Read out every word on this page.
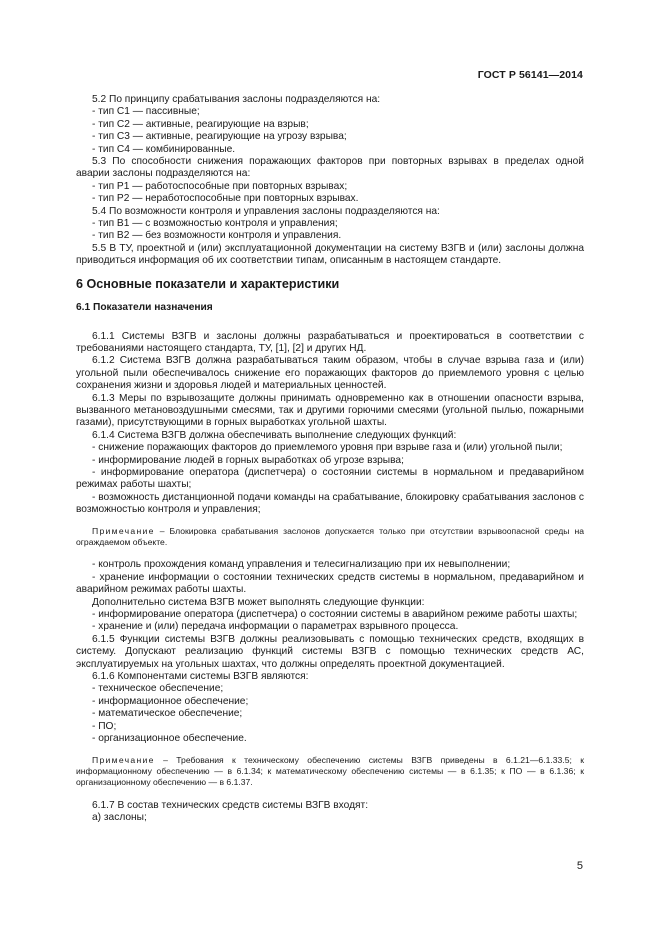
ГОСТ Р 56141—2014

5.2 По принципу срабатывания заслоны подразделяются на:

- тип С1 — пассивные;

- тип С2 — активные, реагирующие на взрыв;

- тип С3 — активные, реагирующие на угрозу взрыва;

- тип С4 — комбинированные.

5.3 По способности снижения поражающих факторов при повторных взрывах в пределах одной аварии заслоны подразделяются на:

- тип Р1 — работоспособные при повторных взрывах;

- тип Р2 — неработоспособные при повторных взрывах.

5.4 По возможности контроля и управления заслоны подразделяются на:

- тип В1 — с возможностью контроля и управления;

- тип В2 — без возможности контроля и управления.

5.5 В ТУ, проектной и (или) эксплуатационной документации на систему ВЗГВ и (или) заслоны должна приводиться информация об их соответствии типам, описанным в настоящем стандарте.

6 Основные показатели и характеристики

6.1 Показатели назначения

6.1.1 Системы ВЗГВ и заслоны должны разрабатываться и проектироваться в соответствии с требованиями настоящего стандарта, ТУ, [1], [2] и других НД.

6.1.2 Система ВЗГВ должна разрабатываться таким образом, чтобы в случае взрыва газа и (или) угольной пыли обеспечивалось снижение его поражающих факторов до приемлемого уровня с целью сохранения жизни и здоровья людей и материальных ценностей.

6.1.3 Меры по взрывозащите должны принимать одновременно как в отношении опасности взрыва, вызванного метановоздушными смесями, так и другими горючими смесями (угольной пылью, пожарными газами), присутствующими в горных выработках угольной шахты.

6.1.4 Система ВЗГВ должна обеспечивать выполнение следующих функций:

- снижение поражающих факторов до приемлемого уровня при взрыве газа и (или) угольной пыли;

- информирование людей в горных выработках об угрозе взрыва;

- информирование оператора (диспетчера) о состоянии системы в нормальном и предаварийном режимах работы шахты;

- возможность дистанционной подачи команды на срабатывание, блокировку срабатывания заслонов с возможностью контроля и управления;

Примечание – Блокировка срабатывания заслонов допускается только при отсутствии взрывоопасной среды на ограждаемом объекте.

- контроль прохождения команд управления и телесигнализацию при их невыполнении;

- хранение информации о состоянии технических средств системы в нормальном, предаварийном и аварийном режимах работы шахты.

Дополнительно система ВЗГВ может выполнять следующие функции:

- информирование оператора (диспетчера) о состоянии системы в аварийном режиме работы шахты;

- хранение и (или) передача информации о параметрах взрывного процесса.

6.1.5 Функции системы ВЗГВ должны реализовывать с помощью технических средств, входящих в систему. Допускают реализацию функций системы ВЗГВ с помощью технических средств АС, эксплуатируемых на угольных шахтах, что должны определять проектной документацией.

6.1.6 Компонентами системы ВЗГВ являются:

- техническое обеспечение;

- информационное обеспечение;

- математическое обеспечение;

- ПО;

- организационное обеспечение.

Примечание – Требования к техническому обеспечению системы ВЗГВ приведены в 6.1.21—6.1.33.5; к информационному обеспечению — в 6.1.34; к математическому обеспечению системы — в 6.1.35; к ПО — в 6.1.36; к организационному обеспечению — в 6.1.37.

6.1.7 В состав технических средств системы ВЗГВ входят:

а) заслоны;

5
